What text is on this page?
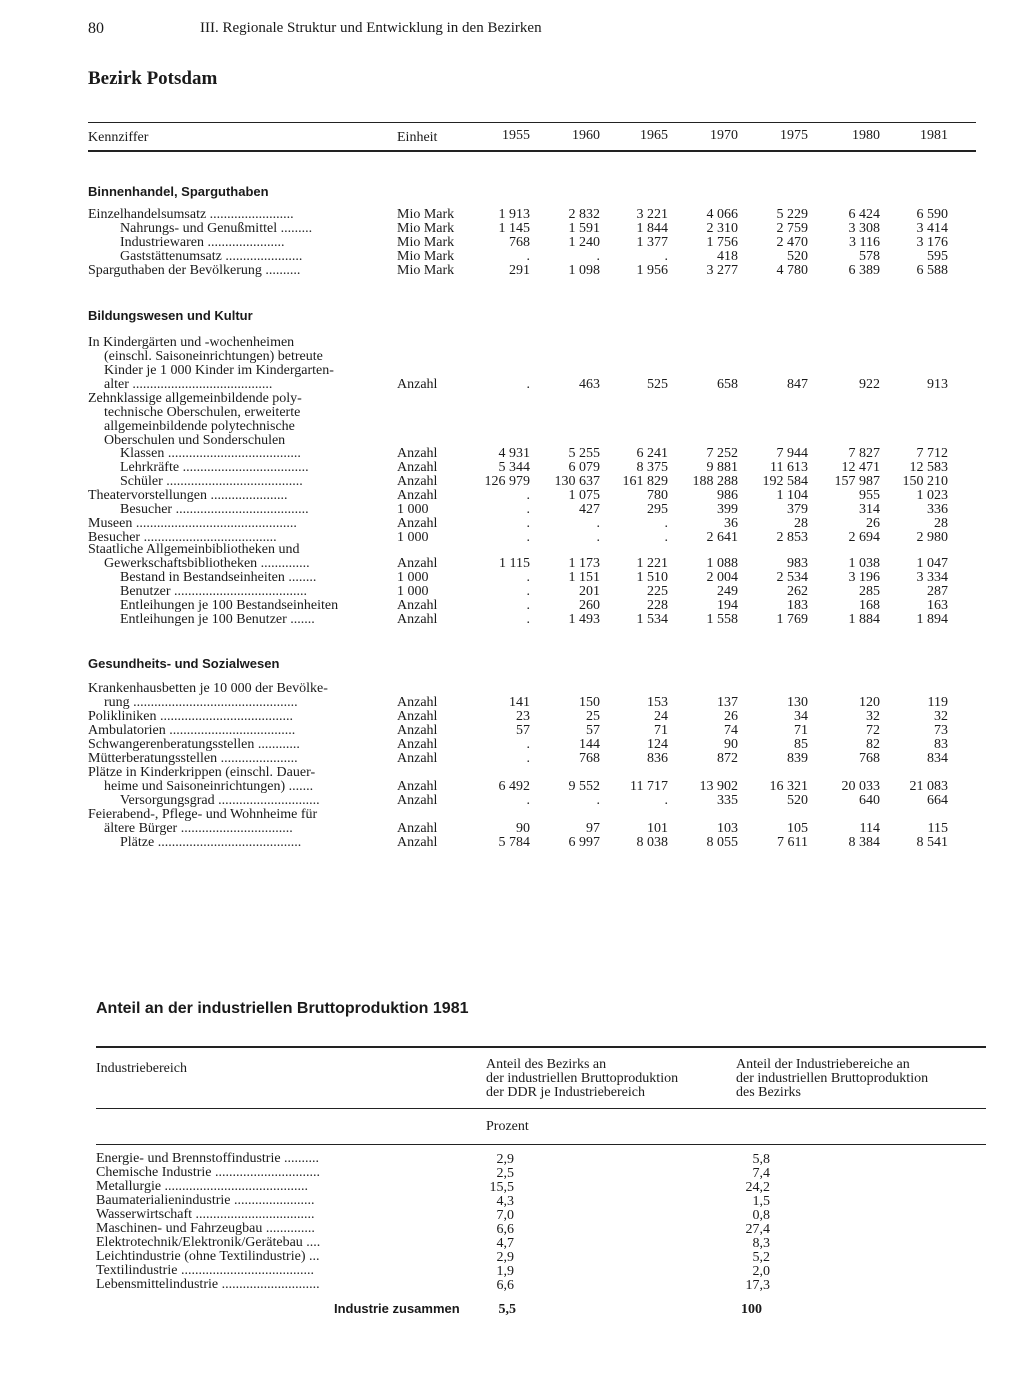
80	III. Regionale Struktur und Entwicklung in den Bezirken
Bezirk Potsdam
Kennziffer	Einheit	1955	1960	1965	1970	1975	1980	1981
Binnenhandel, Sparguthaben
Einzelhandelsumsatz ........................	Mio Mark	1 913	2 832	3 221	4 066	5 229	6 424	6 590
Nahrungs- und Genußmittel .........	Mio Mark	1 145	1 591	1 844	2 310	2 759	3 308	3 414
Industriewaren ......................	Mio Mark	768	1 240	1 377	1 756	2 470	3 116	3 176
Gaststättenumsatz ......................	Mio Mark	.	.	.	418	520	578	595
Sparguthaben der Bevölkerung ..........	Mio Mark	291	1 098	1 956	3 277	4 780	6 389	6 588
Bildungswesen und Kultur
In Kindergärten und -wochenheimen
(einschl. Saisoneinrichtungen) betreute
Kinder je 1 000 Kinder im Kindergarten-
alter ........................................	Anzahl	.	463	525	658	847	922	913
Zehnklassige allgemeinbildende poly-
technische Oberschulen, erweiterte
allgemeinbildende polytechnische
Oberschulen und Sonderschulen
Klassen ......................................	Anzahl	4 931	5 255	6 241	7 252	7 944	7 827	7 712
Lehrkräfte ....................................	Anzahl	5 344	6 079	8 375	9 881	11 613	12 471	12 583
Schüler .......................................	Anzahl	126 979	130 637	161 829	188 288	192 584	157 987	150 210
Theatervorstellungen ......................	Anzahl	.	1 075	780	986	1 104	955	1 023
Besucher ......................................	1 000	.	427	295	399	379	314	336
Museen ..............................................	Anzahl	.	.	.	36	28	26	28
Besucher ......................................	1 000	.	.	.	2 641	2 853	2 694	2 980
Staatliche Allgemeinbibliotheken und
Gewerkschaftsbibliotheken ..............	Anzahl	1 115	1 173	1 221	1 088	983	1 038	1 047
Bestand in Bestandseinheiten ........	1 000	.	1 151	1 510	2 004	2 534	3 196	3 334
Benutzer ......................................	1 000	.	201	225	249	262	285	287
Entleihungen je 100 Bestandseinheiten	Anzahl	.	260	228	194	183	168	163
Entleihungen je 100 Benutzer .......	Anzahl	.	1 493	1 534	1 558	1 769	1 884	1 894
Gesundheits- und Sozialwesen
Krankenhausbetten je 10 000 der Bevölke-
rung ...............................................	Anzahl	141	150	153	137	130	120	119
Polikliniken ......................................	Anzahl	23	25	24	26	34	32	32
Ambulatorien ....................................	Anzahl	57	57	71	74	71	72	73
Schwangerenberatungsstellen ............	Anzahl	.	144	124	90	85	82	83
Mütterberatungsstellen ......................	Anzahl	.	768	836	872	839	768	834
Plätze in Kinderkrippen (einschl. Dauer-
heime und Saisoneinrichtungen) .......	Anzahl	6 492	9 552	11 717	13 902	16 321	20 033	21 083
Versorgungsgrad .............................	Anzahl	.	.	.	335	520	640	664
Feierabend-, Pflege- und Wohnheime für
ältere Bürger ................................	Anzahl	90	97	101	103	105	114	115
Plätze .........................................	Anzahl	5 784	6 997	8 038	8 055	7 611	8 384	8 541
Anteil an der industriellen Bruttoproduktion 1981
Industriebereich	Anteil des Bezirks an
der industriellen Bruttoproduktion
der DDR je Industriebereich
Anteil der Industriebereiche an
der industriellen Bruttoproduktion
des Bezirks
Prozent
Energie- und Brennstoffindustrie ..........	2,9	5,8
Chemische Industrie ..............................	2,5	7,4
Metallurgie .........................................	15,5	24,2
Baumaterialienindustrie .......................	4,3	1,5
Wasserwirtschaft ..................................	7,0	0,8
Maschinen- und Fahrzeugbau ..............	6,6	27,4
Elektrotechnik/Elektronik/Gerätebau ....	4,7	8,3
Leichtindustrie (ohne Textilindustrie) ...	2,9	5,2
Textilindustrie ......................................	1,9	2,0
Lebensmittelindustrie ............................	6,6	17,3
Industrie zusammen	5,5	100
